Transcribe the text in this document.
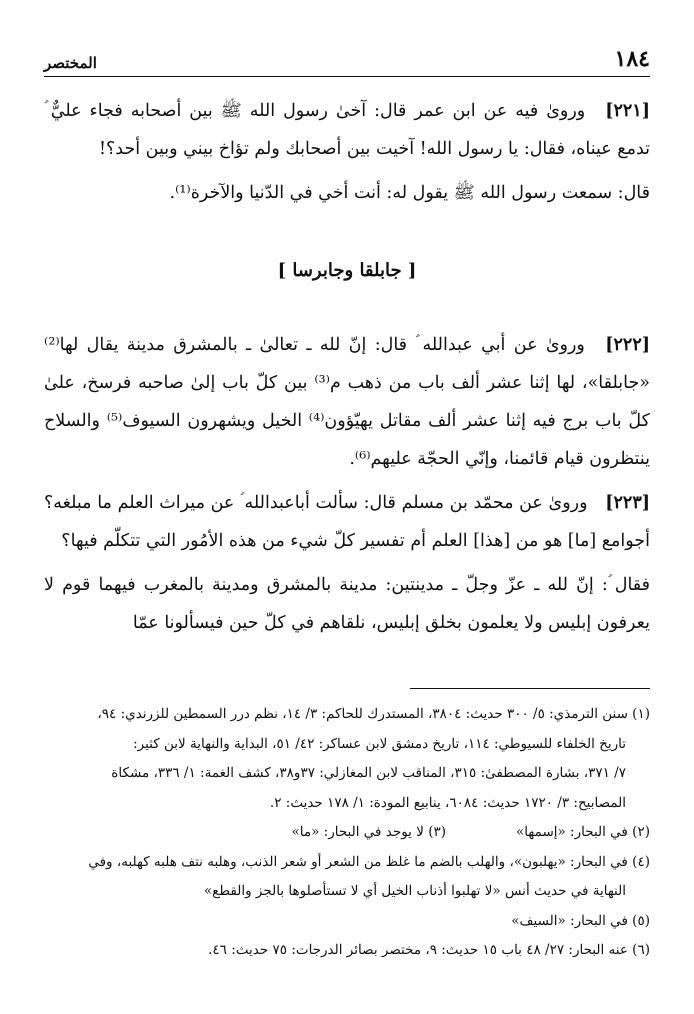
١٨٤
المختصر

[٢٢١] وروىٰ فيه عن ابن عمر قال: آخىٰ رسول الله ﷺ بين أصحابه فجاء عليٌّ ؑ تدمع عيناه، فقال: يا رسول الله! آخيت بين أصحابك ولم تؤاخ بيني وبين أحد؟!

قال: سمعت رسول الله ﷺ يقول له: أنت أخي في الدّنيا والآخرة⁽¹⁾.

[ جابلقا وجابرسا ]

[٢٢٢] وروىٰ عن أبي عبدالله ؑ قال: إنّ لله ـ تعالىٰ ـ بالمشرق مدينة يقال لها⁽²⁾ «جابلقا»، لها إثنا عشر ألف باب من ذهب م⁽³⁾ بين كلّ باب إلىٰ صاحبه فرسخ، علىٰ كلّ باب برج فيه إثنا عشر ألف مقاتل يهيّؤون⁽⁴⁾ الخيل ويشهرون السيوف⁽⁵⁾ والسلاح ينتظرون قيام قائمنا، وإنّي الحجّة عليهم⁽⁶⁾.

[٢٢٣] وروىٰ عن محمّد بن مسلم قال: سألت أباعبدالله ؑ عن ميراث العلم ما مبلغه؟ أجوامع [ما] هو من [هذا] العلم أم تفسير كلّ شيء من هذه الأمُور التي تتكلّم فيها؟

فقال ؑ: إنّ لله ـ عزّ وجلّ ـ مدينتين: مدينة بالمشرق ومدينة بالمغرب فيهما قوم لا يعرفون إبليس ولا يعلمون بخلق إبليس، نلقاهم في كلّ حين فيسألونا عمّا

(١) سنن الترمذي: ٥/ ٣٠٠ حديث: ٣٨٠٤، المستدرك للحاكم: ٣/ ١٤، نظم درر السمطين للزرندي: ٩٤،

تاريخ الخلفاء للسيوطي: ١١٤، تاريخ دمشق لابن عساكر: ٤٢/ ٥١، البداية والنهاية لابن كثير:

٧/ ٣٧١، بشارة المصطفىٰ: ٣١٥، المناقب لابن المغازلي: ٣٧و٣٨، كشف الغمة: ١/ ٣٣٦، مشكاة

المصابيح: ٣/ ١٧٢٠ حديث: ٦٠٨٤، ينابيع المودة: ١/ ١٧٨ حديث: ٢.

(٢) في البحار: «إسمها»

(٣) لا يوجد في البحار: «ما»

(٤) في البحار: «يهلبون»، والهلب بالضم ما غلظ من الشعر أو شعر الذنب، وهلبه نتف هلبه كهلبه، وفي

النهاية في حديث أنس «لا تهلبوا أذناب الخيل أي لا تستأصلوها بالجز والقطع»

(٥) في البحار: «السيف»

(٦) عنه البحار: ٢٧/ ٤٨ باب ١٥ حديث: ٩، مختصر بصائر الدرجات: ٧٥ حديث: ٤٦.
